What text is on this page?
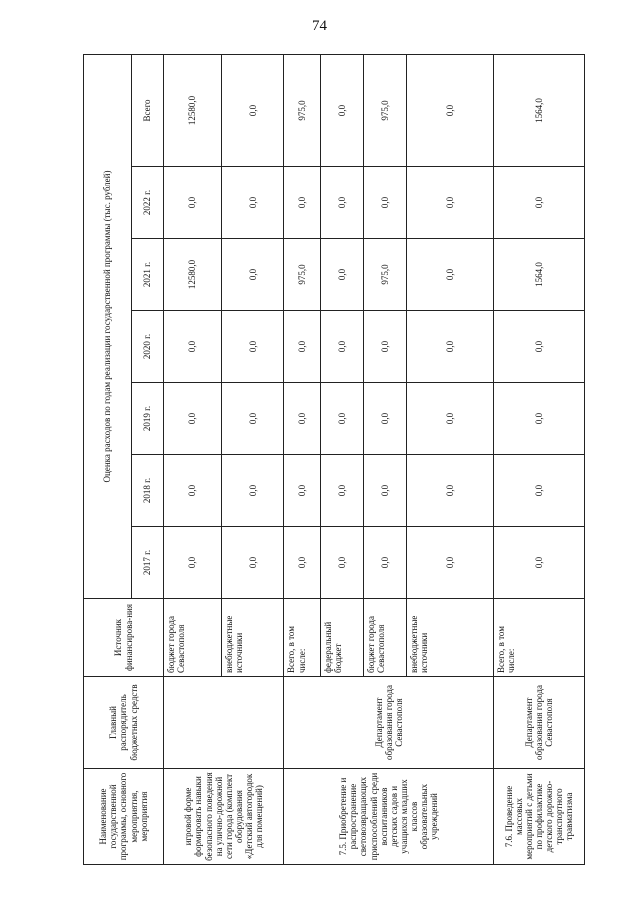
74
Наименование государственной программы, основного мероприятия, мероприятия	Главный распорядитель бюджетных средств	Источник финансирова-ния	Оценка расходов по годам реализации государственной программы (тыс. рублей)						
			2017 г.	2018 г.	2019 г.	2020 г.	2021 г.	2022 г.	Всего
игровой форме формировать навыки безопасного поведения на улично-дорожной сети города (комплект оборудования «Детский автогородок для помещений)		бюджет города Севастополя	0,0	0,0	0,0	0,0	12580,0	0,0	12580,0
		внебюджетные источники	0,0	0,0	0,0	0,0	0,0	0,0	0,0
7.5. Приобретение и распространение световозвращающих приспособлений среди воспитанников детских садов и учащихся младших классов образовательных учреждений	Департамент образования города Севастополя	Всего, в том числе:	0,0	0,0	0,0	0,0	975,0	0,0	975,0
		федеральный бюджет	0,0	0,0	0,0	0,0	0,0	0,0	0,0
		бюджет города Севастополя	0,0	0,0	0,0	0,0	975,0	0,0	975,0
		внебюджетные источники	0,0	0,0	0,0	0,0	0,0	0,0	0,0
7.6. Проведение массовых мероприятий с детьми по профилактике детского дорожно-транспортного травматизма	Департамент образования города Севастополя	Всего, в том числе:	0,0	0,0	0,0	0,0	1564,0	0,0	1564,0
